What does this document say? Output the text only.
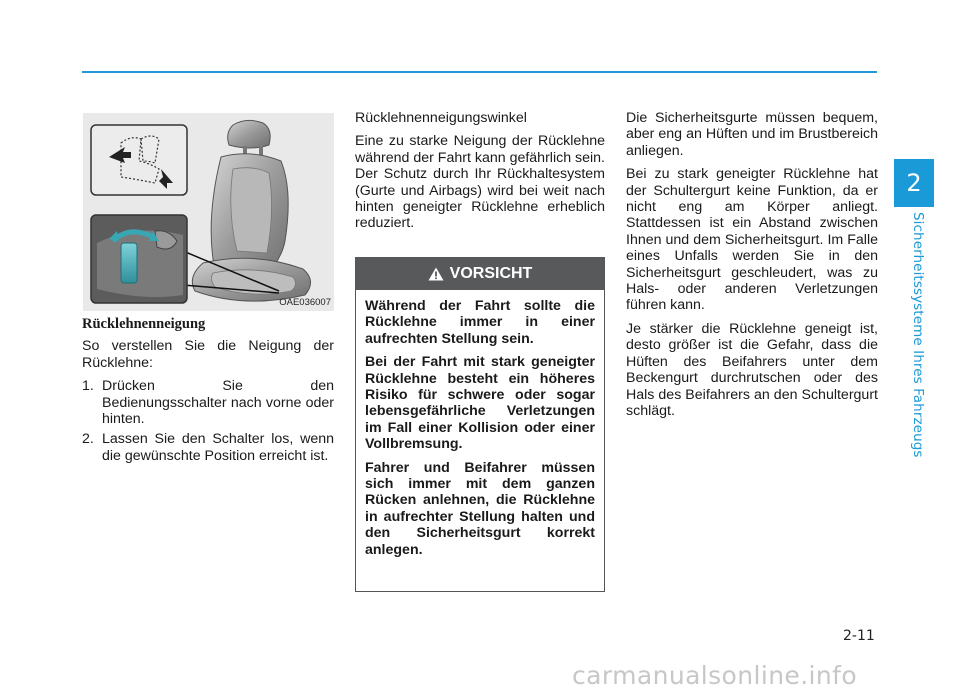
2
Sicherheitssysteme Ihres Fahrzeugs
OAE036007
Rücklehnenneigung

So verstellen Sie die Neigung der Rücklehne:

1. Drücken Sie den Bedienungsschalter nach vorne oder hinten.
2. Lassen Sie den Schalter los, wenn die gewünschte Position erreicht ist.

Rücklehnenneigungswinkel

Eine zu starke Neigung der Rücklehne während der Fahrt kann gefährlich sein. Der Schutz durch Ihr Rückhaltesystem (Gurte und Airbags) wird bei weit nach hinten geneigter Rücklehne erheblich reduziert.

VORSICHT

Während der Fahrt sollte die Rücklehne immer in einer aufrechten Stellung sein.

Bei der Fahrt mit stark geneigter Rücklehne besteht ein höheres Risiko für schwere oder sogar lebensgefährliche Verletzungen im Fall einer Kollision oder einer Vollbremsung.

Fahrer und Beifahrer müssen sich immer mit dem ganzen Rücken anlehnen, die Rücklehne in aufrechter Stellung halten und den Sicherheitsgurt korrekt anlegen.

Die Sicherheitsgurte müssen bequem, aber eng an Hüften und im Brustbereich anliegen.

Bei zu stark geneigter Rücklehne hat der Schultergurt keine Funktion, da er nicht eng am Körper anliegt. Stattdessen ist ein Abstand zwischen Ihnen und dem Sicherheitsgurt. Im Falle eines Unfalls werden Sie in den Sicherheitsgurt geschleudert, was zu Hals- oder anderen Verletzungen führen kann.

Je stärker die Rücklehne geneigt ist, desto größer ist die Gefahr, dass die Hüften des Beifahrers unter dem Beckengurt durchrutschen oder des Hals des Beifahrers an den Schultergurt schlägt.

2-11
carmanualsonline.info
